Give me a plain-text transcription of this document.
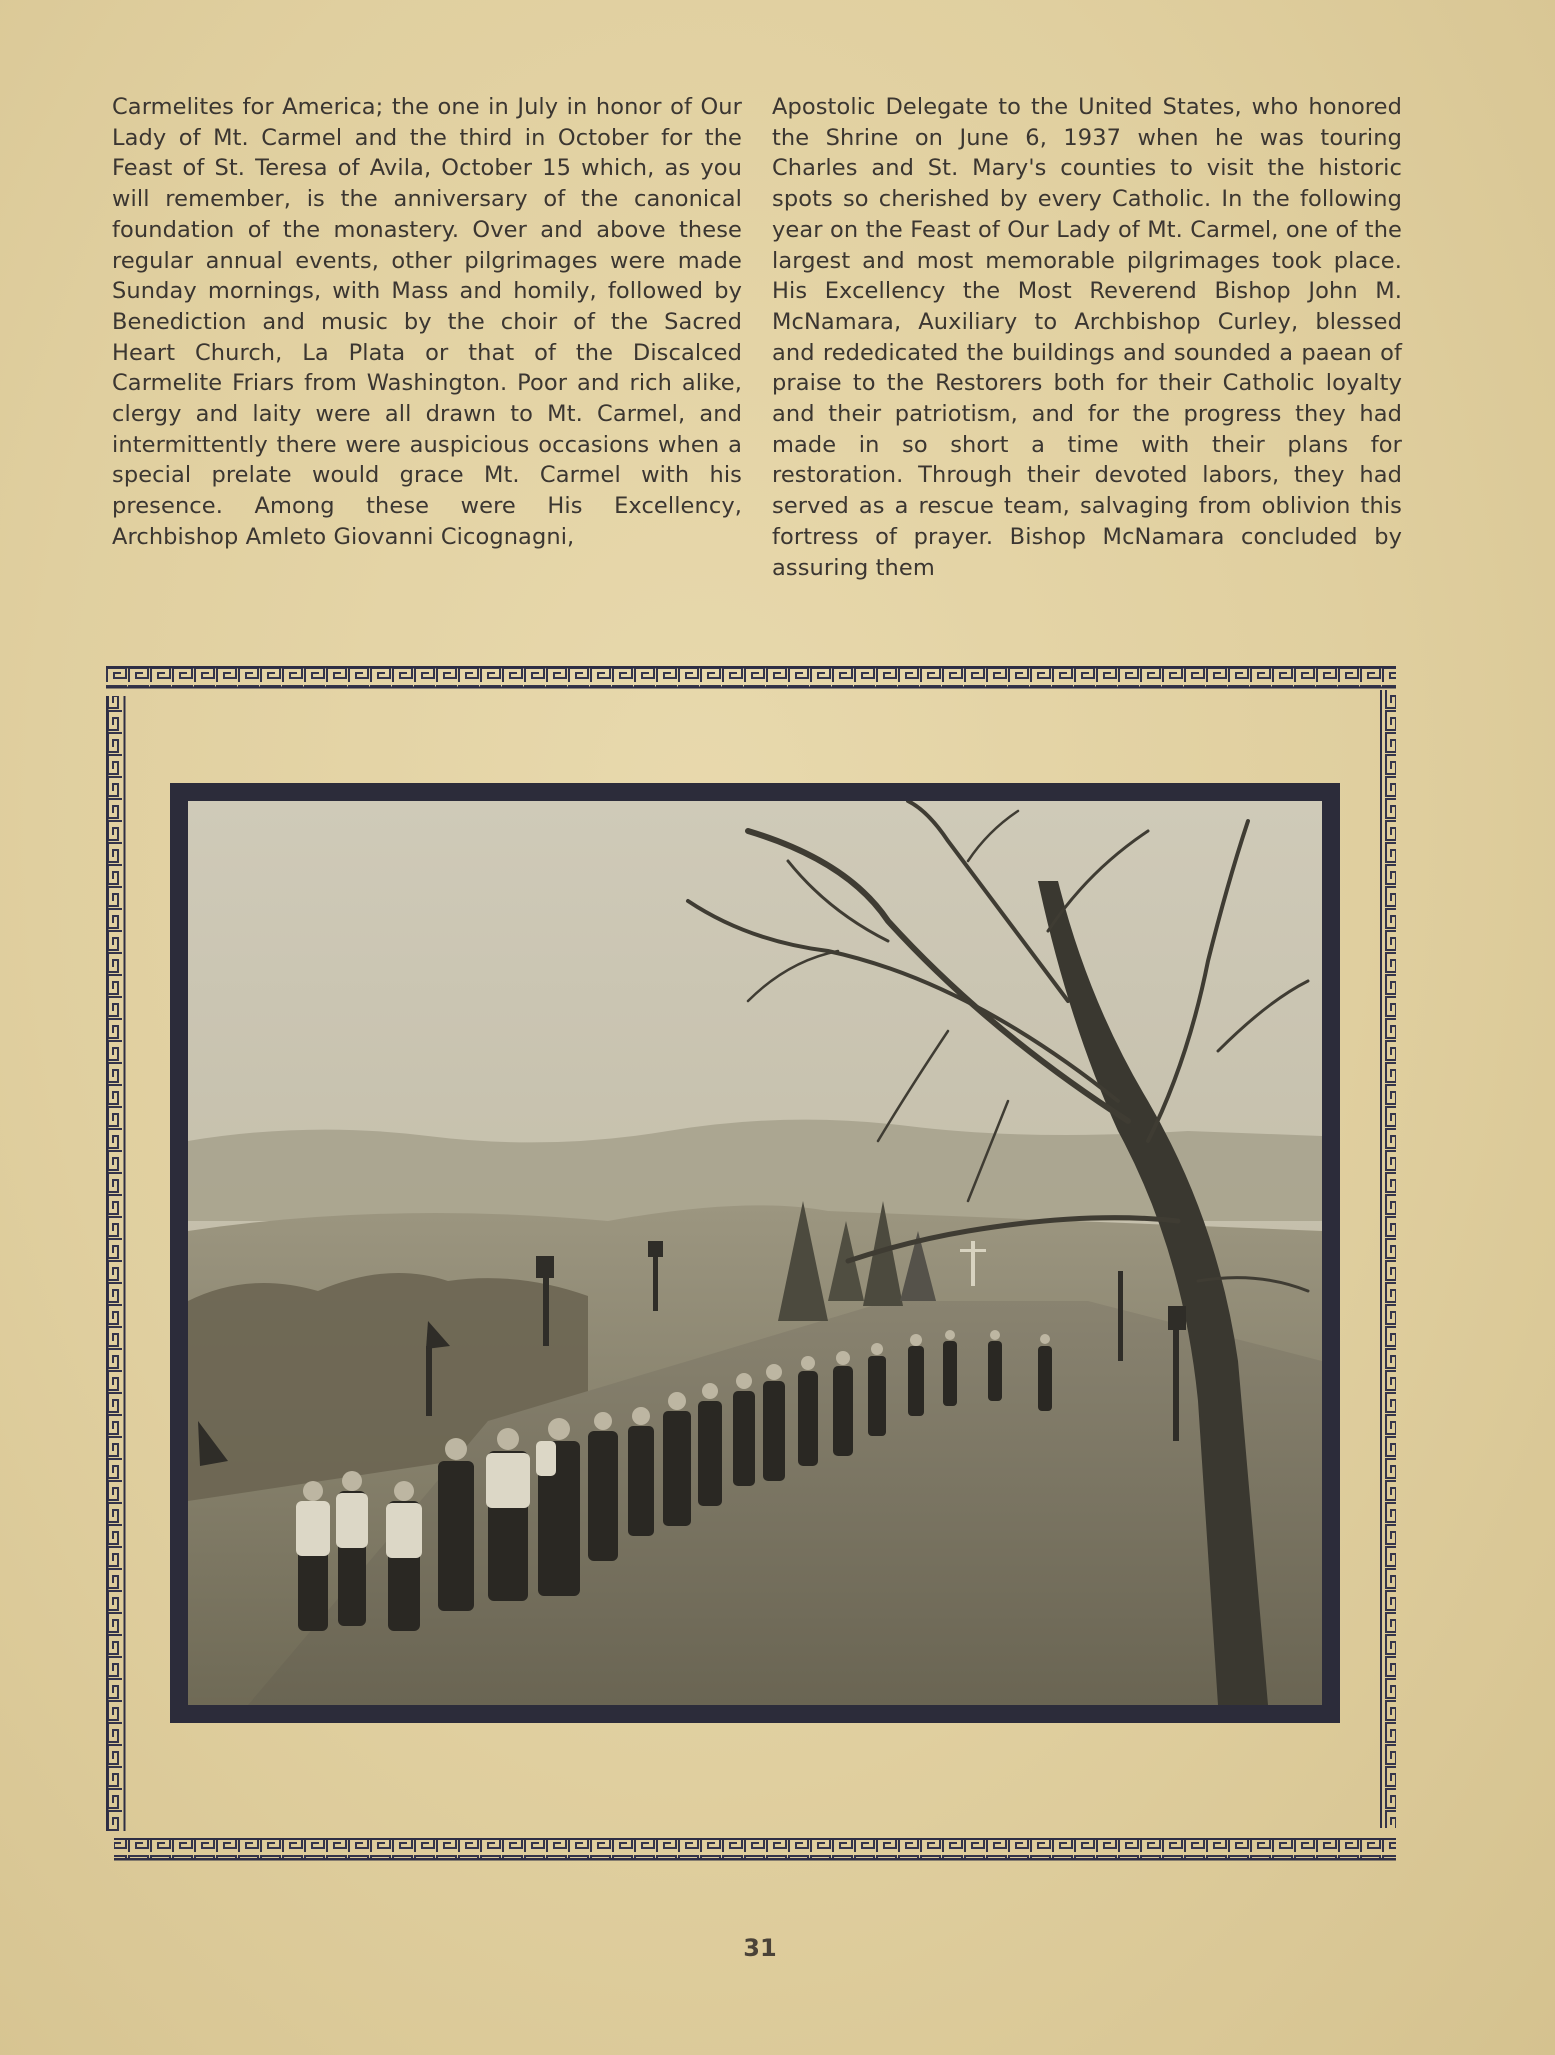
Carmelites for America; the one in July in honor of Our Lady of Mt. Carmel and the third in October for the Feast of St. Teresa of Avila, October 15 which, as you will remember, is the anniversary of the canonical foundation of the monastery. Over and above these regular annual events, other pilgrimages were made Sunday mornings, with Mass and homily, followed by Benediction and music by the choir of the Sacred Heart Church, La Plata or that of the Discalced Carmelite Friars from Washington. Poor and rich alike, clergy and laity were all drawn to Mt. Carmel, and intermittently there were auspicious occasions when a special prelate would grace Mt. Carmel with his presence. Among these were His Excellency, Archbishop Amleto Giovanni Cicognagni,

Apostolic Delegate to the United States, who honored the Shrine on June 6, 1937 when he was touring Charles and St. Mary's counties to visit the historic spots so cherished by every Catholic. In the following year on the Feast of Our Lady of Mt. Carmel, one of the largest and most memorable pilgrimages took place. His Excellency the Most Reverend Bishop John M. McNamara, Auxiliary to Archbishop Curley, blessed and rededicated the buildings and sounded a paean of praise to the Restorers both for their Catholic loyalty and their patriotism, and for the progress they had made in so short a time with their plans for restoration. Through their devoted labors, they had served as a rescue team, salvaging from oblivion this fortress of prayer. Bishop McNamara concluded by assuring them

31
